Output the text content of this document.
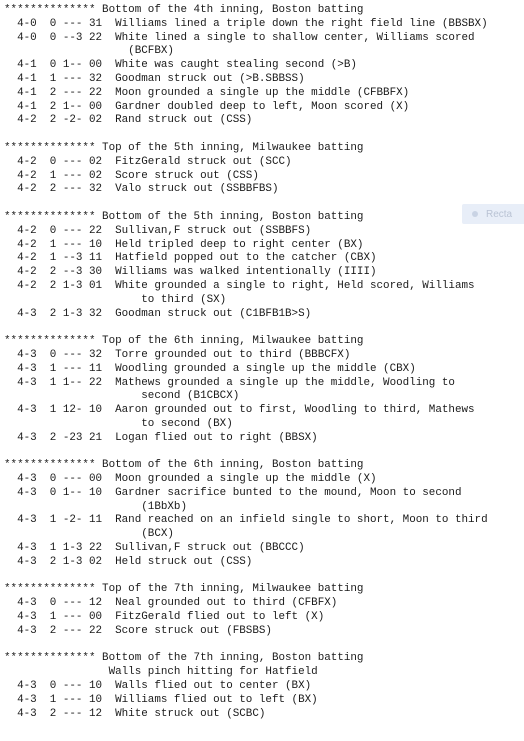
************** Bottom of the 4th inning, Boston batting
4-0  0 --- 31  Williams lined a triple down the right field line (BBSBX)
4-0  0 --3 22  White lined a single to shallow center, Williams scored
(BCFBX)
4-1  0 1-- 00  White was caught stealing second (>B)
4-1  1 --- 32  Goodman struck out (>B.SBBSS)
4-1  2 --- 22  Moon grounded a single up the middle (CFBBFX)
4-1  2 1-- 00  Gardner doubled deep to left, Moon scored (X)
4-2  2 -2- 02  Rand struck out (CSS)
************** Top of the 5th inning, Milwaukee batting
4-2  0 --- 02  FitzGerald struck out (SCC)
4-2  1 --- 02  Score struck out (CSS)
4-2  2 --- 32  Valo struck out (SSBBFBS)
************** Bottom of the 5th inning, Boston batting
4-2  0 --- 22  Sullivan,F struck out (SSBBFS)
4-2  1 --- 10  Held tripled deep to right center (BX)
4-2  1 --3 11  Hatfield popped out to the catcher (CBX)
4-2  2 --3 30  Williams was walked intentionally (IIII)
4-2  2 1-3 01  White grounded a single to right, Held scored, Williams
to third (SX)
4-3  2 1-3 32  Goodman struck out (C1BFB1B>S)
************** Top of the 6th inning, Milwaukee batting
4-3  0 --- 32  Torre grounded out to third (BBBCFX)
4-3  1 --- 11  Woodling grounded a single up the middle (CBX)
4-3  1 1-- 22  Mathews grounded a single up the middle, Woodling to
second (B1CBCX)
4-3  1 12- 10  Aaron grounded out to first, Woodling to third, Mathews
to second (BX)
4-3  2 -23 21  Logan flied out to right (BBSX)
************** Bottom of the 6th inning, Boston batting
4-3  0 --- 00  Moon grounded a single up the middle (X)
4-3  0 1-- 10  Gardner sacrifice bunted to the mound, Moon to second
(1BbXb)
4-3  1 -2- 11  Rand reached on an infield single to short, Moon to third
(BCX)
4-3  1 1-3 22  Sullivan,F struck out (BBCCC)
4-3  2 1-3 02  Held struck out (CSS)
************** Top of the 7th inning, Milwaukee batting
4-3  0 --- 12  Neal grounded out to third (CFBFX)
4-3  1 --- 00  FitzGerald flied out to left (X)
4-3  2 --- 22  Score struck out (FBSBS)
************** Bottom of the 7th inning, Boston batting
Walls pinch hitting for Hatfield
4-3  0 --- 10  Walls flied out to center (BX)
4-3  1 --- 10  Williams flied out to left (BX)
4-3  2 --- 12  White struck out (SCBC)
Recta
